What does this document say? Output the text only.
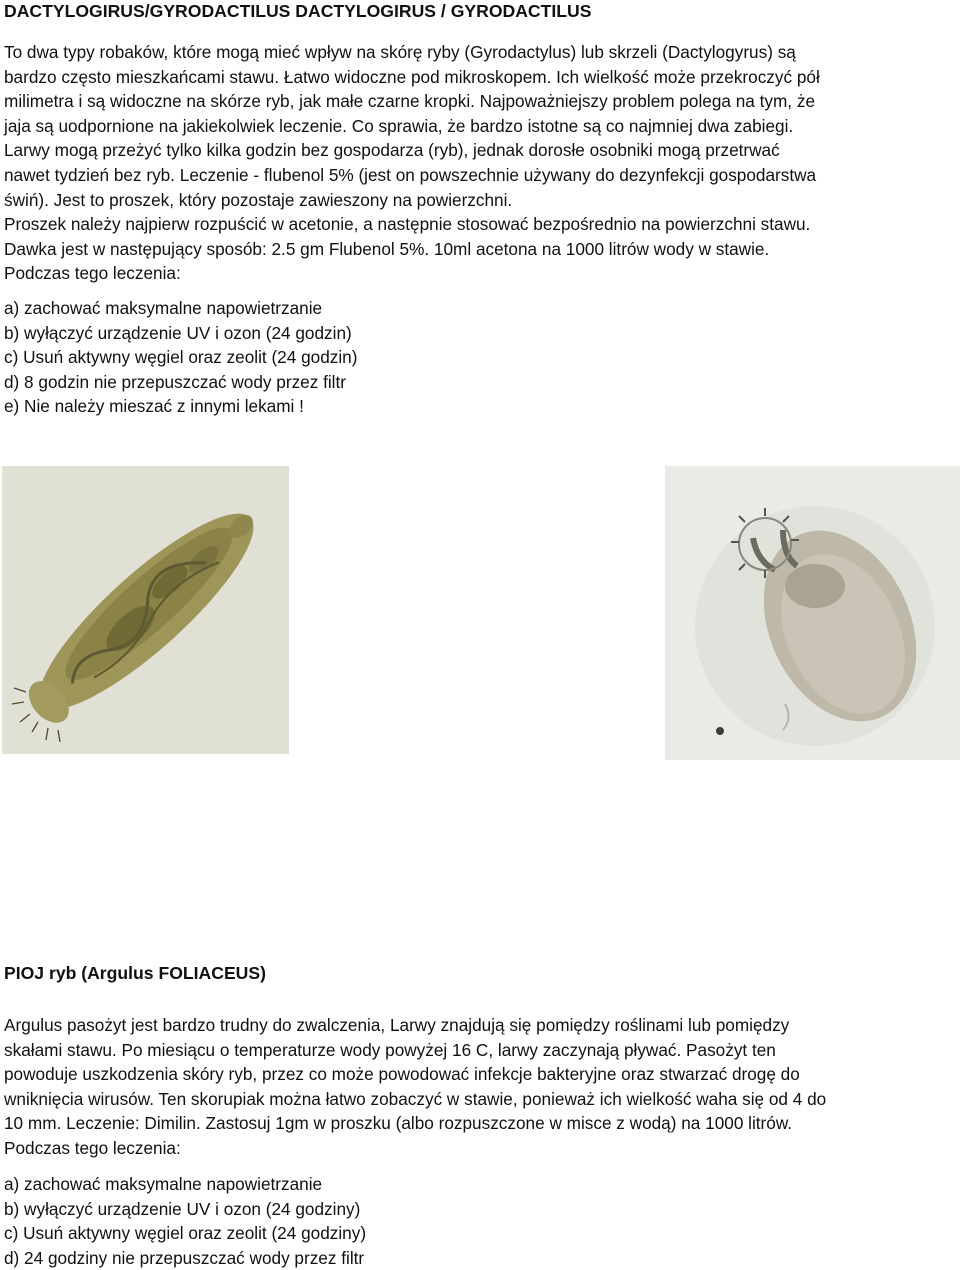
DACTYLOGIRUS/GYRODACTILUS DACTYLOGIRUS / GYRODACTILUS
To dwa typy robaków, które mogą mieć wpływ na skórę ryby (Gyrodactylus) lub skrzeli (Dactylogyrus) są
bardzo często mieszkańcami stawu. Łatwo widoczne pod mikroskopem. Ich wielkość może przekroczyć pół
milimetra i są widoczne na skórze ryb, jak małe czarne kropki. Najpoważniejszy problem polega na tym, że
jaja są uodpornione na jakiekolwiek leczenie. Co sprawia, że bardzo istotne są co najmniej dwa zabiegi.
Larwy mogą przeżyć tylko kilka godzin bez gospodarza (ryb), jednak dorosłe osobniki mogą przetrwać
nawet tydzień bez ryb. Leczenie - flubenol 5% (jest on powszechnie używany do dezynfekcji gospodarstwa
świń). Jest to proszek, który pozostaje zawieszony na powierzchni.
Proszek należy najpierw rozpuścić w acetonie, a następnie stosować bezpośrednio na powierzchni stawu.
Dawka jest w następujący sposób: 2.5 gm Flubenol 5%. 10ml acetona na 1000 litrów wody w stawie.
Podczas tego leczenia:
a) zachować maksymalne napowietrzanie
b) wyłączyć urządzenie UV i ozon (24 godzin)
c) Usuń aktywny węgiel oraz zeolit (24 godzin)
d) 8 godzin nie przepuszczać wody przez filtr
e) Nie należy mieszać z innymi lekami !
PIOJ ryb (Argulus FOLIACEUS)
Argulus pasożyt jest bardzo trudny do zwalczenia, Larwy znajdują się pomiędzy roślinami lub pomiędzy
skałami stawu. Po miesiącu o temperaturze wody powyżej 16 C, larwy zaczynają pływać. Pasożyt ten
powoduje uszkodzenia skóry ryb, przez co może powodować infekcje bakteryjne oraz stwarzać drogę do
wniknięcia wirusów. Ten skorupiak można łatwo zobaczyć w stawie, ponieważ ich wielkość waha się od 4 do
10 mm. Leczenie: Dimilin. Zastosuj 1gm w proszku (albo rozpuszczone w misce z wodą) na 1000 litrów.
Podczas tego leczenia:
a) zachować maksymalne napowietrzanie
b) wyłączyć urządzenie UV i ozon (24 godziny)
c) Usuń aktywny węgiel oraz zeolit (24 godziny)
d) 24 godziny nie przepuszczać wody przez filtr
